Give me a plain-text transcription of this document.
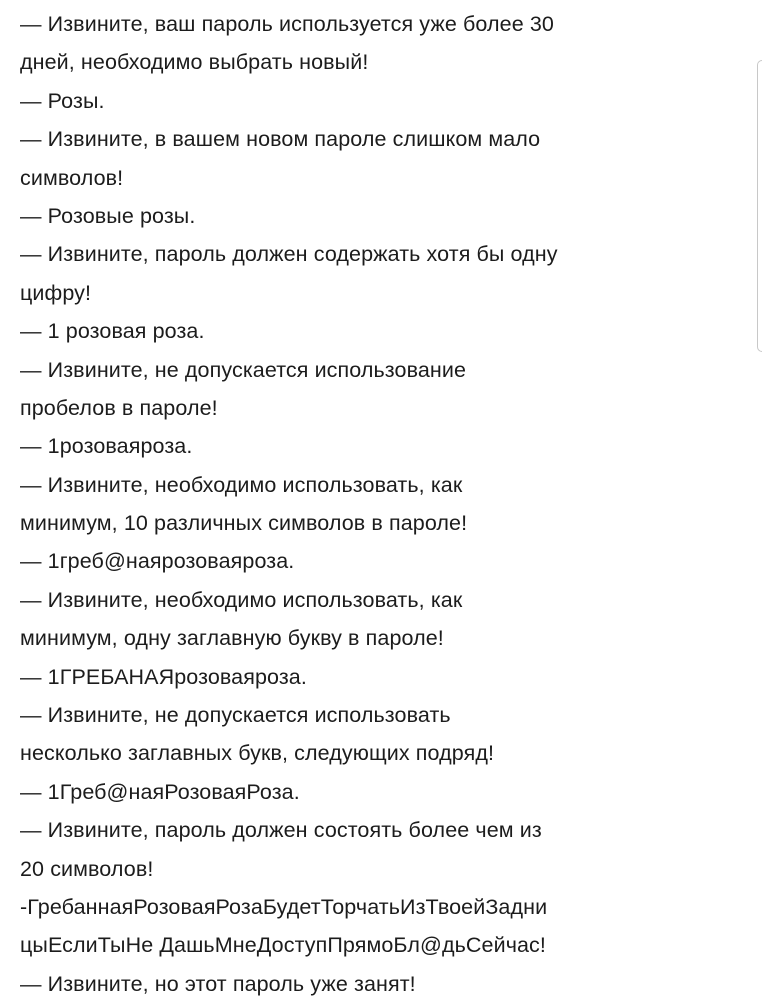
— Извините, ваш пароль используется уже более 30
дней, необходимо выбрать новый!
— Розы.
— Извините, в вашем новом пароле слишком мало
символов!
— Розовые розы.
— Извините, пароль должен содержать хотя бы одну
цифру!
— 1 розовая роза.
— Извините, не допускается использование
пробелов в пароле!
— 1розоваяроза.
— Извините, необходимо использовать, как
минимум, 10 различных символов в пароле!
— 1греб@наярозоваяроза.
— Извините, необходимо использовать, как
минимум, одну заглавную букву в пароле!
— 1ГРЕБАНАЯрозоваяроза.
— Извините, не допускается использовать
несколько заглавных букв, следующих подряд!
— 1Греб@наяРозоваяРоза.
— Извините, пароль должен состоять более чем из
20 символов!
-ГребаннаяРозоваяРозаБудетТорчатьИзТвоейЗадни
цыЕслиТыНе ДашьМнеДоступПрямоБл@дьСейчас!
— Извините, но этот пароль уже занят!
